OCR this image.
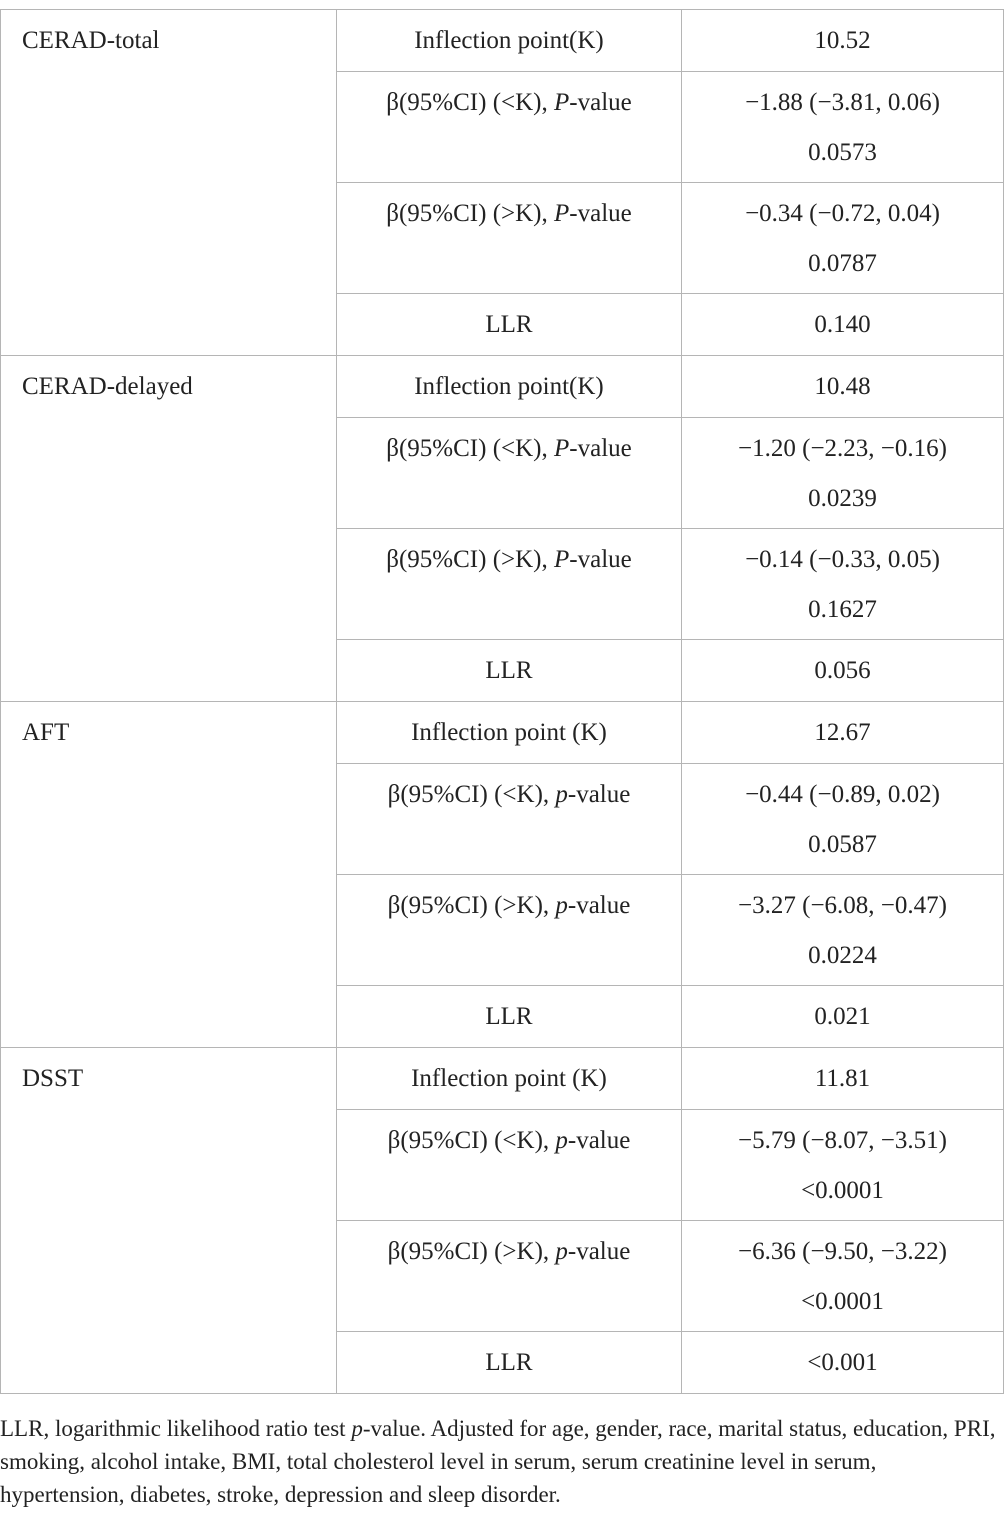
CERAD-total	Inflection point(K)	10.52
	β(95%CI) (<K), P-value	−1.88 (−3.81, 0.06)
0.0573

	β(95%CI) (>K), P-value	−0.34 (−0.72, 0.04)
0.0787

	LLR	0.140
CERAD-delayed	Inflection point(K)	10.48
	β(95%CI) (<K), P-value	−1.20 (−2.23, −0.16)
0.0239

	β(95%CI) (>K), P-value	−0.14 (−0.33, 0.05)
0.1627

	LLR	0.056
AFT	Inflection point (K)	12.67
	β(95%CI) (<K), p-value	−0.44 (−0.89, 0.02)
0.0587

	β(95%CI) (>K), p-value	−3.27 (−6.08, −0.47)
0.0224

	LLR	0.021
DSST	Inflection point (K)	11.81
	β(95%CI) (<K), p-value	−5.79 (−8.07, −3.51)
<0.0001

	β(95%CI) (>K), p-value	−6.36 (−9.50, −3.22)
<0.0001

	LLR	<0.001
LLR, logarithmic likelihood ratio test p-value. Adjusted for age, gender, race, marital status, education, PRI, smoking, alcohol intake, BMI, total cholesterol level in serum, serum creatinine level in serum, hypertension, diabetes, stroke, depression and sleep disorder.
